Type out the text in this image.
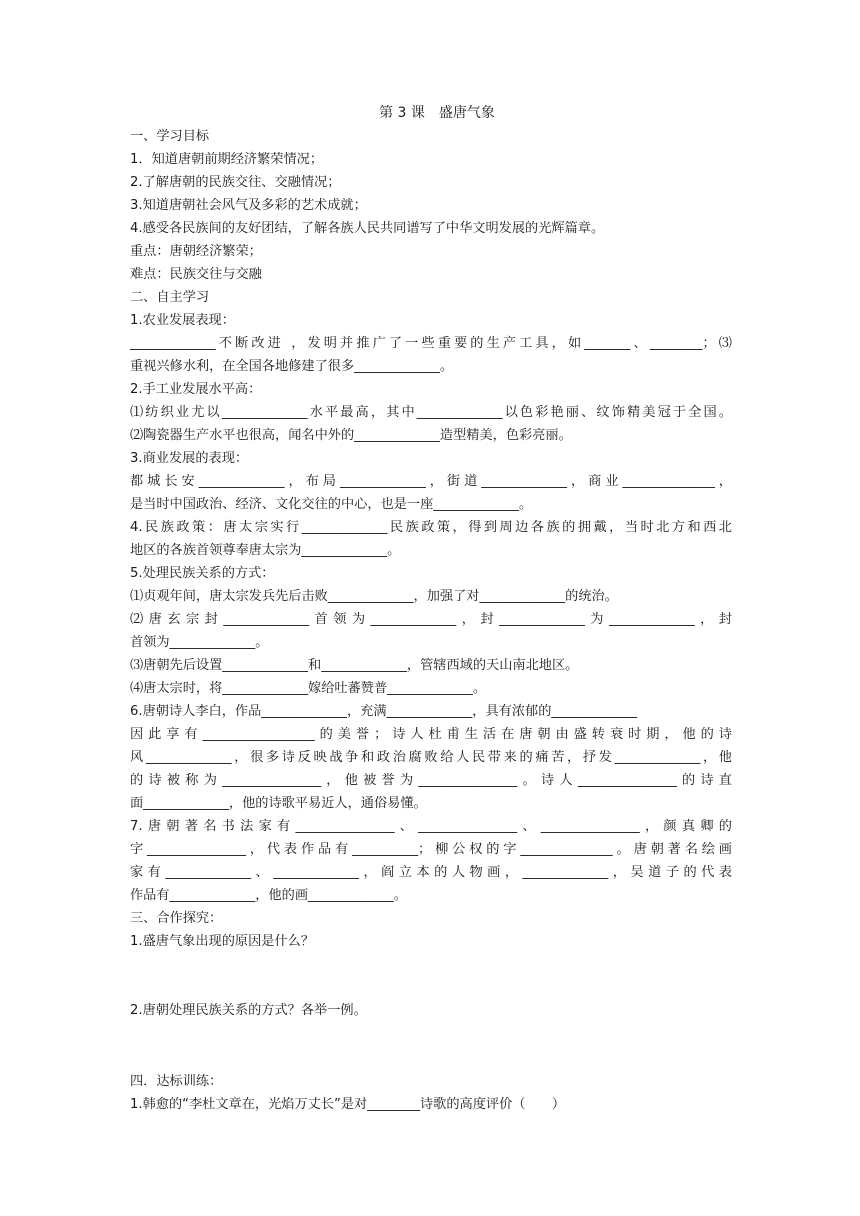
第 3 课　盛唐气象
一、学习目标
1．知道唐朝前期经济繁荣情况；
2.了解唐朝的民族交往、交融情况；
3.知道唐朝社会风气及多彩的艺术成就；
4.感受各民族间的友好团结，了解各族人民共同谱写了中华文明发展的光辉篇章。
重点：唐朝经济繁荣；
难点：民族交往与交融
二、自主学习
1.农业发展表现：
_____________不断改进 ，发明并推广了一些重要的生产工具，如_______、________；⑶
重视兴修水利，在全国各地修建了很多_____________。
2.手工业发展水平高：
⑴纺织业尤以_____________水平最高，其中_____________以色彩艳丽、纹饰精美冠于全国。
⑵陶瓷器生产水平也很高，闻名中外的_____________造型精美，色彩亮丽。
3.商业发展的表现：
都城长安_____________，布局_____________，街道_____________，商业______________，
是当时中国政治、经济、文化交往的中心，也是一座_____________。
4.民族政策：唐太宗实行_____________民族政策，得到周边各族的拥戴，当时北方和西北
地区的各族首领尊奉唐太宗为_____________。
5.处理民族关系的方式：
⑴贞观年间，唐太宗发兵先后击败_____________，加强了对_____________的统治。
⑵唐玄宗封_____________首领为_____________，封_____________为_____________，封
首领为_____________。
⑶唐朝先后设置_____________和_____________，管辖西域的天山南北地区。
⑷唐太宗时，将_____________嫁给吐蕃赞普_____________。
6.唐朝诗人李白，作品_____________，充满_____________，具有浓郁的_____________
因此享有_________________的美誉；诗人杜甫生活在唐朝由盛转衰时期，他的诗
风_____________，很多诗反映战争和政治腐败给人民带来的痛苦，抒发_____________，他
的诗被称为_______________，他被誉为_______________。诗人_______________的诗直
面_____________，他的诗歌平易近人，通俗易懂。
7.唐朝著名书法家有_______________、_______________、_______________，颜真卿的
字_______________，代表作品有__________；柳公权的字______________。唐朝著名绘画
家有_____________、_____________，阎立本的人物画，_____________，吴道子的代表
作品有_____________，他的画_____________。
三、合作探究：
1.盛唐气象出现的原因是什么？
2.唐朝处理民族关系的方式？各举一例。
四．达标训练：
1.韩愈的“李杜文章在，光焰万丈长”是对________诗歌的高度评价（　　）
